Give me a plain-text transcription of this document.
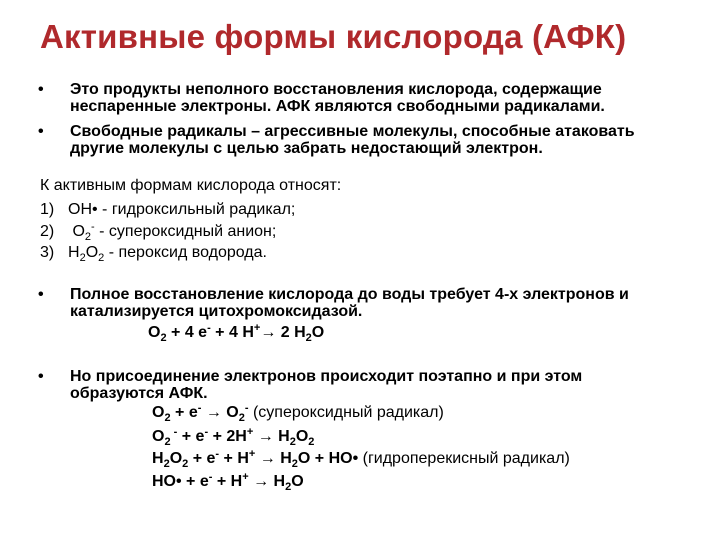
Активные формы кислорода (АФК)
• Это продукты неполного восстановления кислорода, содержащие неспаренные электроны. АФК являются свободными радикалами.
• Свободные радикалы – агрессивные молекулы, способные атаковать другие молекулы с целью забрать недостающий электрон.
К активным формам кислорода относят:
1) OH• - гидроксильный радикал;
2) $O_2^-$ - супероксидный анион;
3) $H_2O_2$ - пероксид водорода.
• Полное восстановление кислорода до воды требует 4-х электронов и катализируется цитохромоксидазой.
$O_2 + 4$ e- + 4 H+→ 2 $H_2O$
• Но присоединение электронов происходит поэтапно и при этом образуются АФК.
$O_2 + e^- \to O_2^-$ (супероксидный радикал)
$O_2$ $^- + e^- + 2H^+ \to H_2O_2$
$H_2O_2 + e^- + H^+ \to H_2O$ + HO• (гидроперекисный радикал)
HO• + $e^- + H^+ \to H_2O$
